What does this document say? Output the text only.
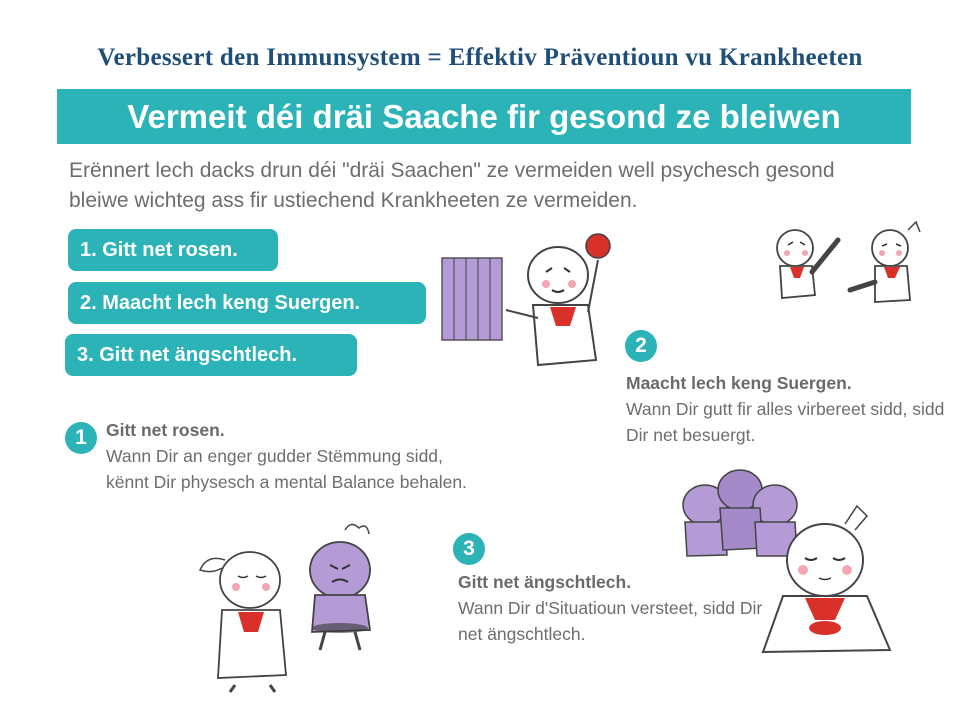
Verbessert den Immunsystem = Effektiv Präventioun vu Krankheeten
Vermeit déi dräi Saache fir gesond ze bleiwen
Erënnert lech dacks drun déi "dräi Saachen" ze vermeiden well psychesch gesond bleiwe wichteg ass fir ustiechend Krankheeten ze vermeiden.
1. Gitt net rosen.
2. Maacht lech keng Suergen.
3. Gitt net ängschtlech.
1	Gitt net rosen.
Wann Dir an enger gudder Stëmmung sidd, kënnt Dir physesch a mental Balance behalen.
2
Maacht lech keng Suergen.
Wann Dir gutt fir alles virbereet sidd, sidd Dir net besuergt.
3
Gitt net ängschtlech.
Wann Dir d'Situatioun versteet, sidd Dir net ängschtlech.
